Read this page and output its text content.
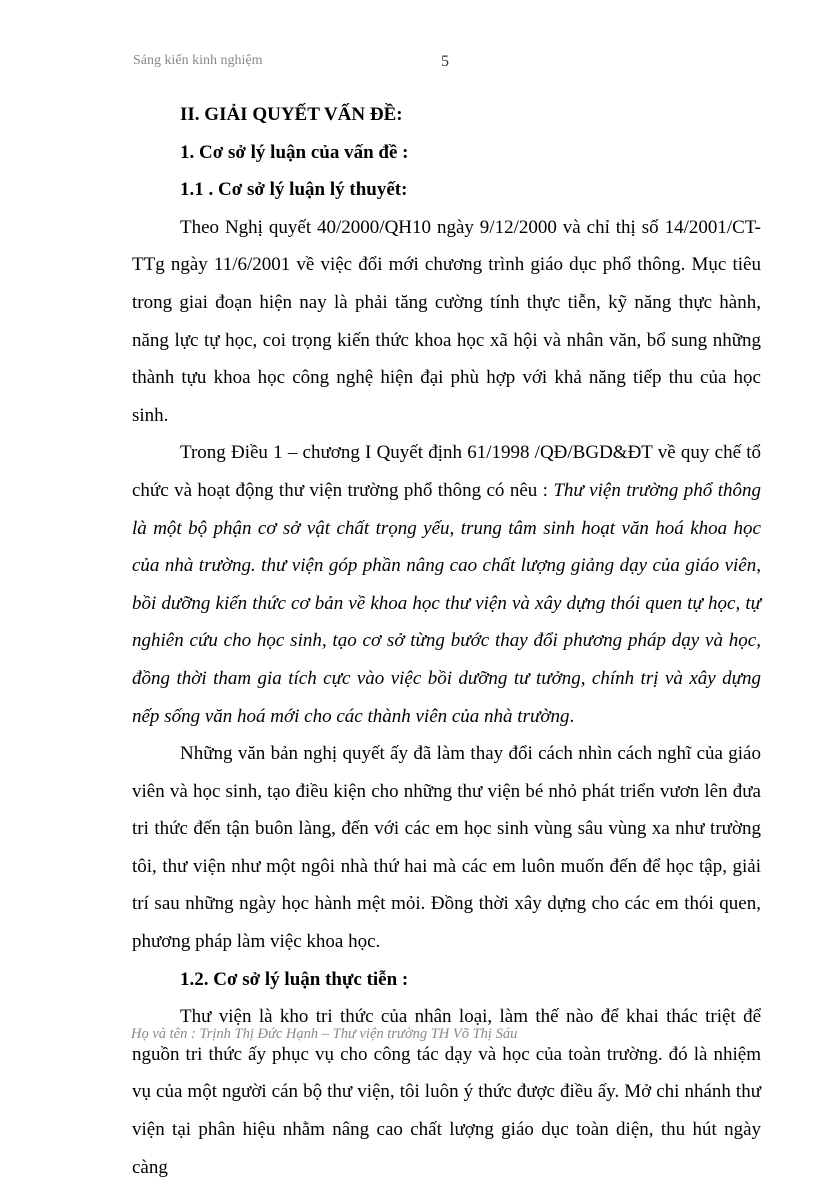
Sáng kiến kinh nghiệm	5

II. GIẢI QUYẾT VẤN ĐỀ:

1. Cơ sở lý luận của vấn đề :

1.1 . Cơ sở lý luận lý thuyết:

Theo Nghị quyết 40/2000/QH10 ngày 9/12/2000 và chỉ thị số 14/2001/CT-TTg ngày 11/6/2001 về việc đổi mới chương trình giáo dục phổ thông. Mục tiêu trong giai đoạn hiện nay là phải tăng cường tính thực tiễn, kỹ năng thực hành, năng lực tự học, coi trọng kiến thức khoa học xã hội và nhân văn, bổ sung những thành tựu khoa học công nghệ hiện đại phù hợp với khả năng tiếp thu của học sinh.

Trong Điều 1 – chương I Quyết định 61/1998 /QĐ/BGD&ĐT về quy chế tổ chức và hoạt động thư viện trường phổ thông có nêu : Thư viện trường phổ thông là một bộ phận cơ sở vật chất trọng yếu, trung tâm sinh hoạt văn hoá khoa học của nhà trường. thư viện góp phần nâng cao chất lượng giảng dạy của giáo viên, bồi dưỡng kiến thức cơ bản về khoa học thư viện và xây dựng thói quen tự học, tự nghiên cứu cho học sinh, tạo cơ sở từng bước thay đổi phương pháp dạy và học, đồng thời tham gia tích cực vào việc bồi dưỡng tư tưởng, chính trị và xây dựng nếp sống văn hoá mới cho các thành viên của nhà trường.

Những văn bản nghị quyết ấy đã làm thay đổi cách nhìn cách nghĩ của giáo viên và học sinh, tạo điều kiện cho những thư viện bé nhỏ phát triển vươn lên đưa tri thức đến tận buôn làng, đến với các em học sinh vùng sâu vùng xa như trường tôi, thư viện như một ngôi nhà thứ hai mà các em luôn muốn đến để học tập, giải trí sau những ngày học hành mệt mỏi. Đồng thời xây dựng cho các em thói quen, phương pháp làm việc khoa học.

1.2. Cơ sở lý luận thực tiễn :

Thư viện là kho tri thức của nhân loại, làm thế nào để khai thác triệt để nguồn tri thức ấy phục vụ cho công tác dạy và học của toàn trường. đó là nhiệm vụ của một người cán bộ thư viện, tôi luôn ý thức được điều ấy. Mở chi nhánh thư viện tại phân hiệu nhằm nâng cao chất lượng giáo dục toàn diện, thu hút ngày càng

Họ và tên : Trịnh Thị Đức Hạnh – Thư viện trường TH Võ Thị Sáu
